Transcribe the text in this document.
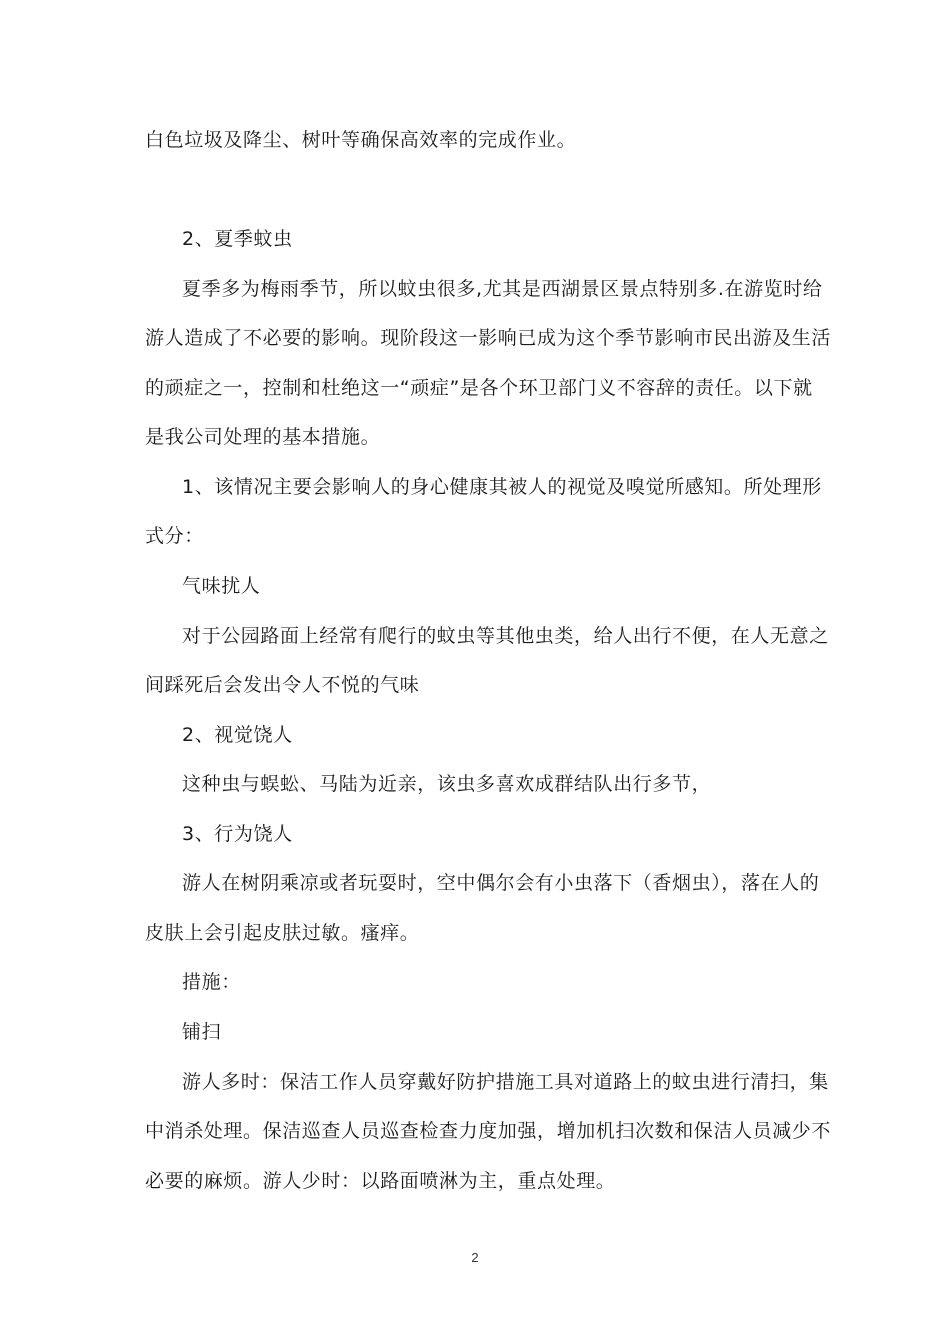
白色垃圾及降尘、树叶等确保高效率的完成作业。
2、夏季蚊虫
夏季多为梅雨季节，所以蚊虫很多,尤其是西湖景区景点特别多.在游览时给
游人造成了不必要的影响。现阶段这一影响已成为这个季节影响市民出游及生活
的顽症之一，控制和杜绝这一“顽症”是各个环卫部门义不容辞的责任。以下就
是我公司处理的基本措施。
1、该情况主要会影响人的身心健康其被人的视觉及嗅觉所感知。所处理形
式分：
气味扰人
对于公园路面上经常有爬行的蚊虫等其他虫类，给人出行不便，在人无意之
间踩死后会发出令人不悦的气味
2、视觉饶人
这种虫与蜈蚣、马陆为近亲，该虫多喜欢成群结队出行多节，
3、行为饶人
游人在树阴乘凉或者玩耍时，空中偶尔会有小虫落下（香烟虫），落在人的
皮肤上会引起皮肤过敏。瘙痒。
措施：
铺扫
游人多时：保洁工作人员穿戴好防护措施工具对道路上的蚊虫进行清扫，集
中消杀处理。保洁巡查人员巡查检查力度加强，增加机扫次数和保洁人员减少不
必要的麻烦。游人少时：以路面喷淋为主，重点处理。
2
